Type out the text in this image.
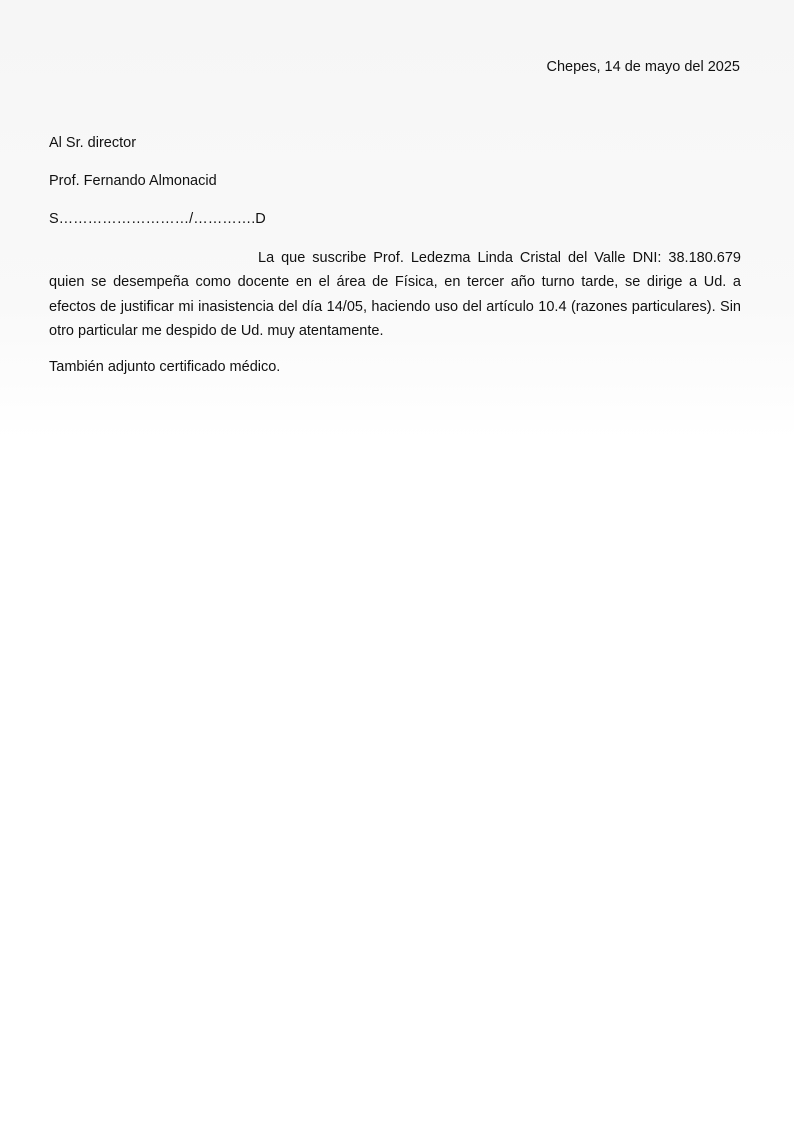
Chepes, 14 de mayo del 2025
Al Sr. director
Prof. Fernando Almonacid
S………………………/………….D

La que suscribe Prof. Ledezma Linda Cristal del Valle DNI: 38.180.679 quien se desempeña como docente en el área de Física, en tercer año turno tarde, se dirige a Ud. a efectos de justificar mi inasistencia del día 14/05, haciendo uso del artículo 10.4 (razones particulares). Sin otro particular me despido de Ud. muy atentamente.

También adjunto certificado médico.
